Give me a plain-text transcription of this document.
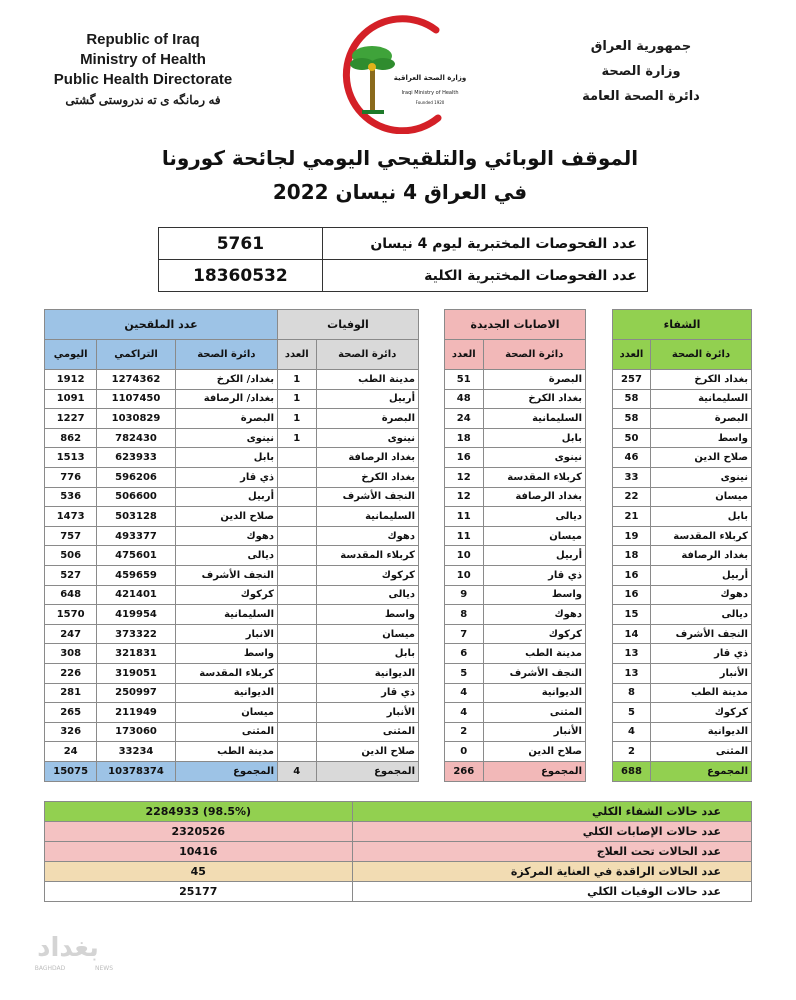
Republic of Iraq
Ministry of Health
Public Health Directorate
فه رمانگه ى ته ندروستى گشتى
جمهورية العراق
وزارة الصحة
دائرة الصحة العامة
وزارة الصحة العراقية
Iraqi Ministry of Health
Founded 1920
الموقف الوبائي والتلقيحي اليومي لجائحة كورونا
في العراق 4 نيسان 2022
5761	عدد الفحوصات المختبرية ليوم 4 نيسان
18360532	عدد الفحوصات المختبرية الكلية
الشفاء	
العدد	دائرة الصحة
257	بغداد الكرخ
58	السليمانية
58	البصرة
50	واسط
46	صلاح الدين
33	نينوى
22	ميسان
21	بابل
19	كربلاء المقدسة
18	بغداد الرصافة
16	أربيل
16	دهوك
15	ديالى
14	النجف الأشرف
13	ذي قار
13	الأنبار
8	مدينة الطب
5	كركوك
4	الديوانية
2	المثنى
688	المجموع
الاصابات الجديدة	
العدد	دائرة الصحة
51	البصرة
48	بغداد الكرخ
24	السليمانية
18	بابل
16	نينوى
12	كربلاء المقدسة
12	بغداد الرصافة
11	ديالى
11	ميسان
10	أربيل
10	ذي قار
9	واسط
8	دهوك
7	كركوك
6	مدينة الطب
5	النجف الأشرف
4	الديوانية
4	المثنى
2	الأنبار
0	صلاح الدين
266	المجموع
الوفيات	
العدد	دائرة الصحة
1	مدينة الطب
1	أربيل
1	البصرة
1	نينوى
	بغداد الرصافة
	بغداد الكرخ
	النجف الأشرف
	السليمانية
	دهوك
	كربلاء المقدسة
	كركوك
	ديالى
	واسط
	ميسان
	بابل
	الديوانية
	ذي قار
	الأنبار
	المثنى
	صلاح الدين
4	المجموع
عدد الملقحين		
اليومي	التراكمي	دائرة الصحة
1912	1274362	بغداد/ الكرخ
1091	1107450	بغداد/ الرصافة
1227	1030829	البصرة
862	782430	نينوى
1513	623933	بابل
776	596206	ذي قار
536	506600	أربيل
1473	503128	صلاح الدين
757	493377	دهوك
506	475601	ديالى
527	459659	النجف الأشرف
648	421401	كركوك
1570	419954	السليمانية
247	373322	الانبار
308	321831	واسط
226	319051	كربلاء المقدسة
281	250997	الديوانية
265	211949	ميسان
326	173060	المثنى
24	33234	مدينة الطب
15075	10378374	المجموع
2284933 (98.5%)	عدد حالات الشفاء الكلي
2320526	عدد حالات الإصابات الكلي
10416	عدد الحالات تحت العلاج
45	عدد الحالات الراقدة في العناية المركزة
25177	عدد حالات الوفيات الكلي
بغداد
BAGHDAD	NEWS
